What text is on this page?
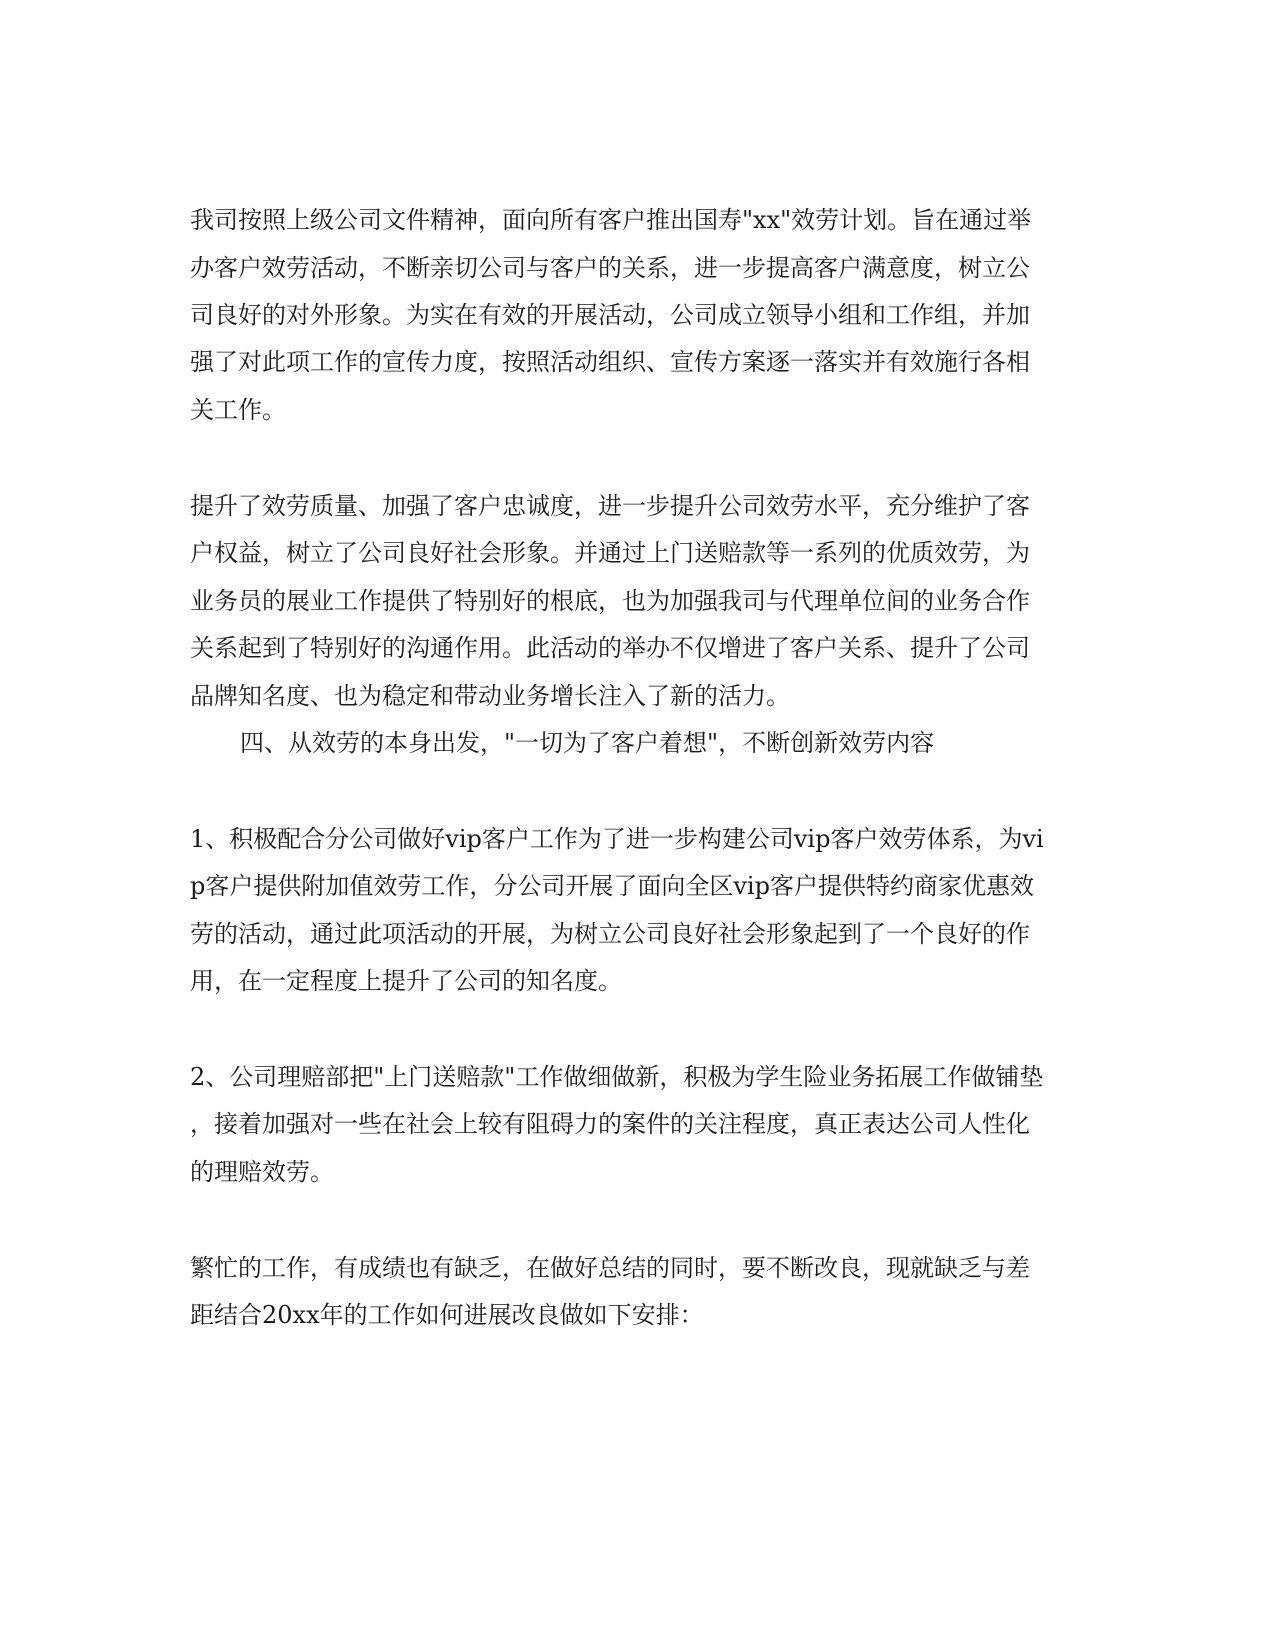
我司按照上级公司文件精神，面向所有客户推出国寿"xx"效劳计划。旨在通过举

办客户效劳活动，不断亲切公司与客户的关系，进一步提高客户满意度，树立公

司良好的对外形象。为实在有效的开展活动，公司成立领导小组和工作组，并加

强了对此项工作的宣传力度，按照活动组织、宣传方案逐一落实并有效施行各相

关工作。

提升了效劳质量、加强了客户忠诚度，进一步提升公司效劳水平，充分维护了客

户权益，树立了公司良好社会形象。并通过上门送赔款等一系列的优质效劳，为

业务员的展业工作提供了特别好的根底，也为加强我司与代理单位间的业务合作

关系起到了特别好的沟通作用。此活动的举办不仅增进了客户关系、提升了公司

品牌知名度、也为稳定和带动业务增长注入了新的活力。

四、从效劳的本身出发，"一切为了客户着想"，不断创新效劳内容

1、积极配合分公司做好vip客户工作为了进一步构建公司vip客户效劳体系，为vi

p客户提供附加值效劳工作，分公司开展了面向全区vip客户提供特约商家优惠效

劳的活动，通过此项活动的开展，为树立公司良好社会形象起到了一个良好的作

用，在一定程度上提升了公司的知名度。

2、公司理赔部把"上门送赔款"工作做细做新，积极为学生险业务拓展工作做铺垫

，接着加强对一些在社会上较有阻碍力的案件的关注程度，真正表达公司人性化

的理赔效劳。

繁忙的工作，有成绩也有缺乏，在做好总结的同时，要不断改良，现就缺乏与差

距结合20xx年的工作如何进展改良做如下安排：
